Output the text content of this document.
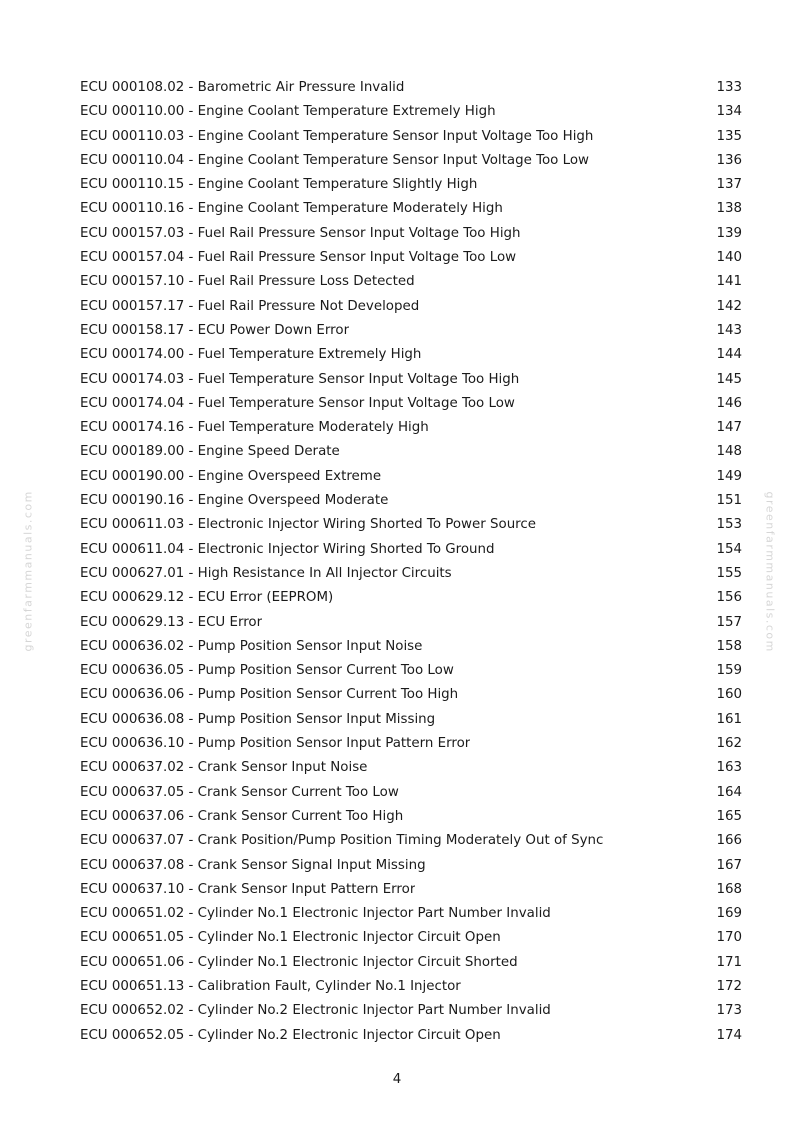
greenfarmmanuals.com	greenfarmmanuals.com
ECU 000108.02 - Barometric Air Pressure Invalid	133
ECU 000110.00 - Engine Coolant Temperature Extremely High	134
ECU 000110.03 - Engine Coolant Temperature Sensor Input Voltage Too High	135
ECU 000110.04 - Engine Coolant Temperature Sensor Input Voltage Too Low	136
ECU 000110.15 - Engine Coolant Temperature Slightly High	137
ECU 000110.16 - Engine Coolant Temperature Moderately High	138
ECU 000157.03 - Fuel Rail Pressure Sensor Input Voltage Too High	139
ECU 000157.04 - Fuel Rail Pressure Sensor Input Voltage Too Low	140
ECU 000157.10 - Fuel Rail Pressure Loss Detected	141
ECU 000157.17 - Fuel Rail Pressure Not Developed	142
ECU 000158.17 - ECU Power Down Error	143
ECU 000174.00 - Fuel Temperature Extremely High	144
ECU 000174.03 - Fuel Temperature Sensor Input Voltage Too High	145
ECU 000174.04 - Fuel Temperature Sensor Input Voltage Too Low	146
ECU 000174.16 - Fuel Temperature Moderately High	147
ECU 000189.00 - Engine Speed Derate	148
ECU 000190.00 - Engine Overspeed Extreme	149
ECU 000190.16 - Engine Overspeed Moderate	151
ECU 000611.03 - Electronic Injector Wiring Shorted To Power Source	153
ECU 000611.04 - Electronic Injector Wiring Shorted To Ground	154
ECU 000627.01 - High Resistance In All Injector Circuits	155
ECU 000629.12 - ECU Error (EEPROM)	156
ECU 000629.13 - ECU Error	157
ECU 000636.02 - Pump Position Sensor Input Noise	158
ECU 000636.05 - Pump Position Sensor Current Too Low	159
ECU 000636.06 - Pump Position Sensor Current Too High	160
ECU 000636.08 - Pump Position Sensor Input Missing	161
ECU 000636.10 - Pump Position Sensor Input Pattern Error	162
ECU 000637.02 - Crank Sensor Input Noise	163
ECU 000637.05 - Crank Sensor Current Too Low	164
ECU 000637.06 - Crank Sensor Current Too High	165
ECU 000637.07 - Crank Position/Pump Position Timing Moderately Out of Sync	166
ECU 000637.08 - Crank Sensor Signal Input Missing	167
ECU 000637.10 - Crank Sensor Input Pattern Error	168
ECU 000651.02 - Cylinder No.1 Electronic Injector Part Number Invalid	169
ECU 000651.05 - Cylinder No.1 Electronic Injector Circuit Open	170
ECU 000651.06 - Cylinder No.1 Electronic Injector Circuit Shorted	171
ECU 000651.13 - Calibration Fault, Cylinder No.1 Injector	172
ECU 000652.02 - Cylinder No.2 Electronic Injector Part Number Invalid	173
ECU 000652.05 - Cylinder No.2 Electronic Injector Circuit Open	174
4
